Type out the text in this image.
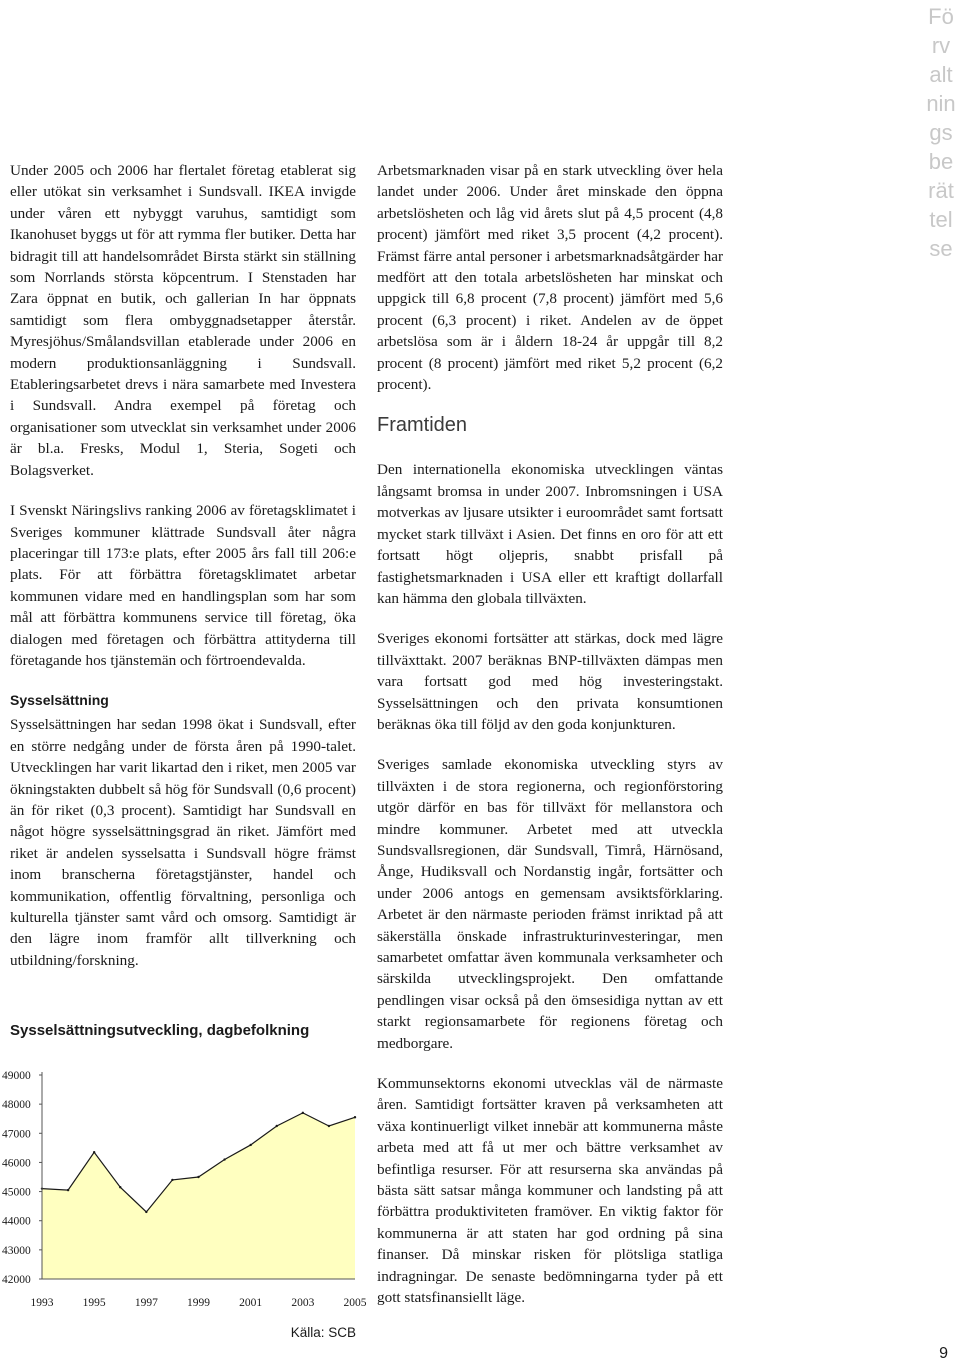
Förvaltningsberättelse

Under 2005 och 2006 har flertalet företag etablerat sig eller utökat sin verksamhet i Sundsvall. IKEA invigde under våren ett nybyggt varuhus, samtidigt som Ikanohuset byggs ut för att rymma fler butiker. Detta har bidragit till att handelsområdet Birsta stärkt sin ställning som Norrlands största köpcentrum. I Stenstaden har Zara öppnat en butik, och gallerian In har öppnats samtidigt som flera ombyggnadsetapper återstår. Myresjöhus/Smålandsvillan etablerade under 2006 en modern produktionsanläggning i Sundsvall. Etableringsarbetet drevs i nära samarbete med Investera i Sundsvall. Andra exempel på företag och organisationer som utvecklat sin verksamhet under 2006 är bl.a. Fresks, Modul 1, Steria, Sogeti och Bolagsverket.

I Svenskt Näringslivs ranking 2006 av företagsklimatet i Sveriges kommuner klättrade Sundsvall åter några placeringar till 173:e plats, efter 2005 års fall till 206:e plats. För att förbättra företagsklimatet arbetar kommunen vidare med en handlingsplan som har som mål att förbättra kommunens service till företag, öka dialogen med företagen och förbättra attityderna till företagande hos tjänstemän och förtroendevalda.

Sysselsättning

Sysselsättningen har sedan 1998 ökat i Sundsvall, efter en större nedgång under de första åren på 1990-talet. Utvecklingen har varit likartad den i riket, men 2005 var ökningstakten dubbelt så hög för Sundsvall (0,6 procent) än för riket (0,3 procent). Samtidigt har Sundsvall en något högre sysselsättningsgrad än riket. Jämfört med riket är andelen sysselsatta i Sundsvall högre främst inom branscherna företagstjänster, handel och kommunikation, offentlig förvaltning, personliga och kulturella tjänster samt vård och omsorg. Samtidigt är den lägre inom framför allt tillverkning och utbildning/forskning.

Sysselsättningsutveckling, dagbefolkning
49000
48000
47000
46000
45000
44000
43000
42000
1993	1995	1997	1999	2001	2003	2005
Källa: SCB

Arbetsmarknaden visar på en stark utveckling över hela landet under 2006. Under året minskade den öppna arbetslösheten och låg vid årets slut på 4,5 procent (4,8 procent) jämfört med riket 3,5 procent (4,2 procent). Främst färre antal personer i arbetsmarknadsåtgärder har medfört att den totala arbetslösheten har minskat och uppgick till 6,8 procent (7,8 procent) jämfört med 5,6 procent (6,3 procent) i riket. Andelen av de öppet arbetslösa som är i åldern 18-24 år uppgår till 8,2 procent (8 procent) jämfört med riket 5,2 procent (6,2 procent).

Framtiden

Den internationella ekonomiska utvecklingen väntas långsamt bromsa in under 2007. Inbromsningen i USA motverkas av ljusare utsikter i euroområdet samt fortsatt mycket stark tillväxt i Asien. Det finns en oro för att ett fortsatt högt oljepris, snabbt prisfall på fastighetsmarknaden i USA eller ett kraftigt dollarfall kan hämma den globala tillväxten.

Sveriges ekonomi fortsätter att stärkas, dock med lägre tillväxttakt. 2007 beräknas BNP-tillväxten dämpas men vara fortsatt god med hög investeringstakt. Sysselsättningen och den privata konsumtionen beräknas öka till följd av den goda konjunkturen.

Sveriges samlade ekonomiska utveckling styrs av tillväxten i de stora regionerna, och regionförstoring utgör därför en bas för tillväxt för mellanstora och mindre kommuner. Arbetet med att utveckla Sundsvallsregionen, där Sundsvall, Timrå, Härnösand, Ånge, Hudiksvall och Nordanstig ingår, fortsätter och under 2006 antogs en gemensam avsiktsförklaring. Arbetet är den närmaste perioden främst inriktad på att säkerställa önskade infrastrukturinvesteringar, men samarbetet omfattar även kommunala verksamheter och särskilda utvecklingsprojekt. Den omfattande pendlingen visar också på den ömsesidiga nyttan av ett starkt regionsamarbete för regionens företag och medborgare.

Kommunsektorns ekonomi utvecklas väl de närmaste åren. Samtidigt fortsätter kraven på verksamheten att växa kontinuerligt vilket innebär att kommunerna måste arbeta med att få ut mer och bättre verksamhet av befintliga resurser. För att resurserna ska användas på bästa sätt satsar många kommuner och landsting på att förbättra produktiviteten framöver. En viktig faktor för kommunerna är att staten har god ordning på sina finanser. Då minskar risken för plötsliga statliga indragningar. De senaste bedömningarna tyder på ett gott statsfinansiellt läge.

9
